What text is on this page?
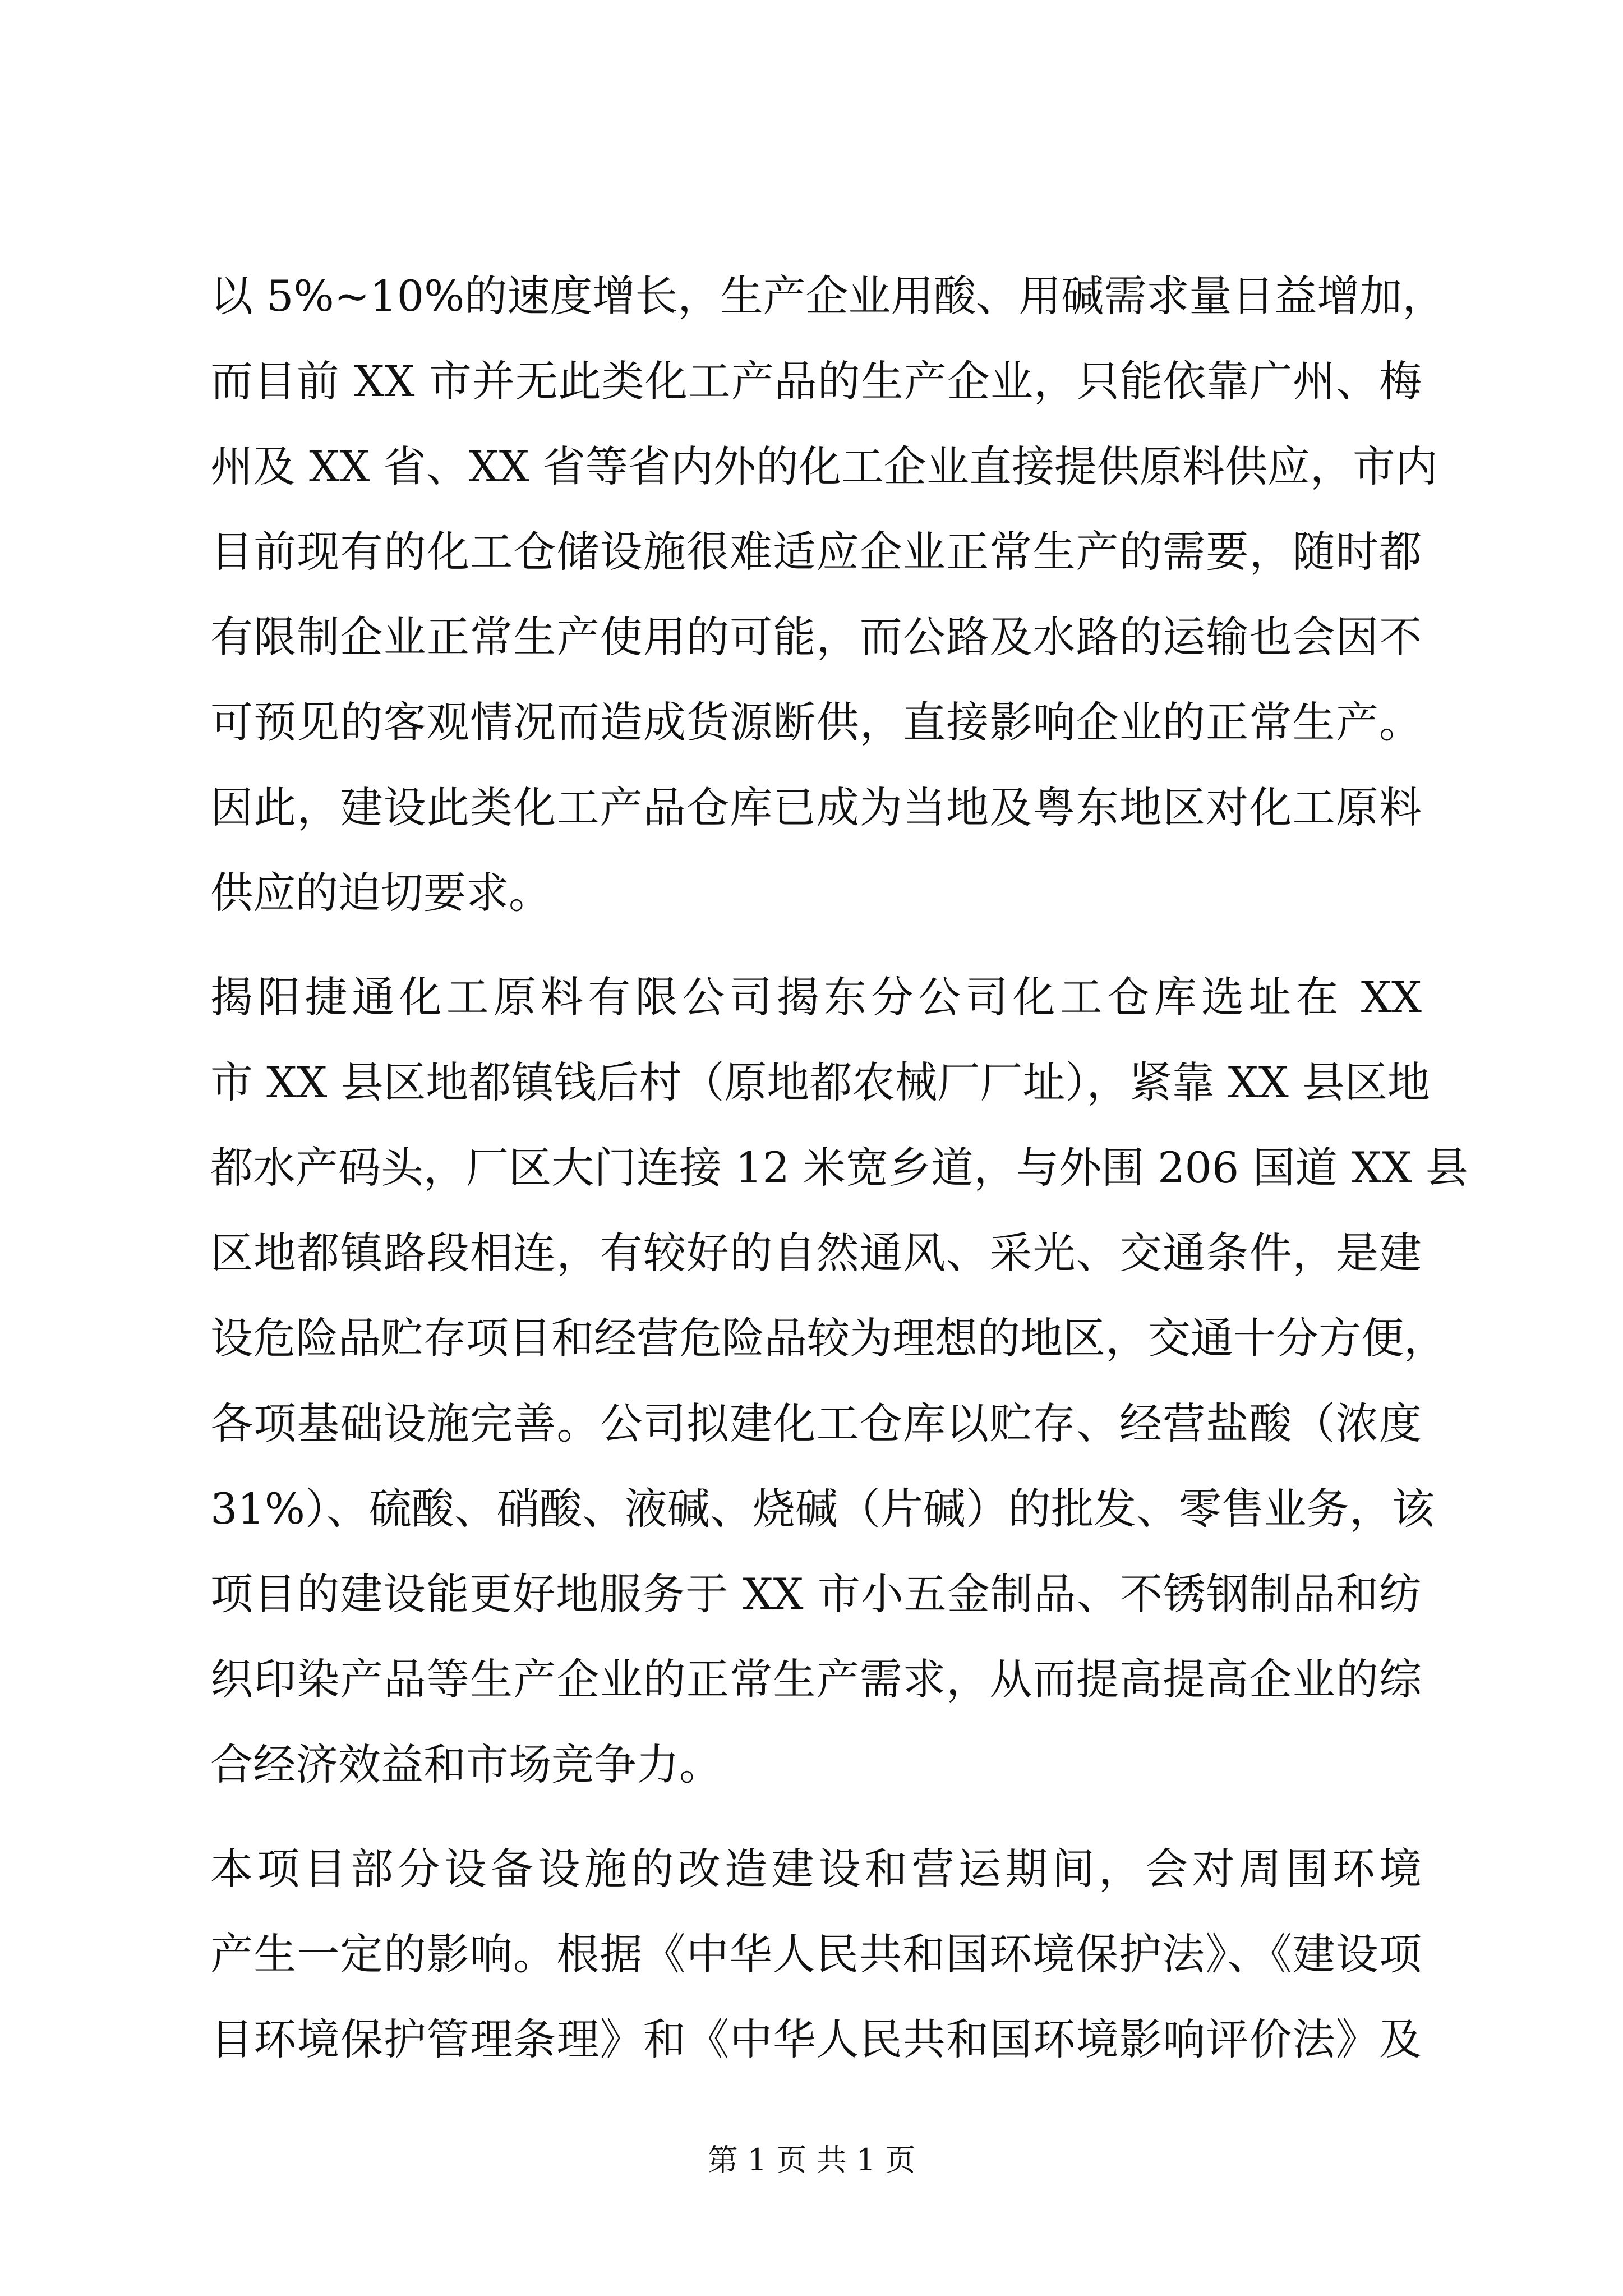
以 5%~10%的速度增长，生产企业用酸、用碱需求量日益增加，
而目前 XX 市并无此类化工产品的生产企业，只能依靠广州、梅
州及 XX 省、XX 省等省内外的化工企业直接提供原料供应，市内
目前现有的化工仓储设施很难适应企业正常生产的需要，随时都
有限制企业正常生产使用的可能，而公路及水路的运输也会因不
可预见的客观情况而造成货源断供，直接影响企业的正常生产。
因此，建设此类化工产品仓库已成为当地及粤东地区对化工原料
供应的迫切要求。
揭阳捷通化工原料有限公司揭东分公司化工仓库选址在 XX
市 XX 县区地都镇钱后村（原地都农械厂厂址），紧靠 XX 县区地
都水产码头，厂区大门连接 12 米宽乡道，与外围 206 国道 XX 县
区地都镇路段相连，有较好的自然通风、采光、交通条件，是建
设危险品贮存项目和经营危险品较为理想的地区，交通十分方便，
各项基础设施完善。公司拟建化工仓库以贮存、经营盐酸（浓度
31%）、硫酸、硝酸、液碱、烧碱（片碱）的批发、零售业务，该
项目的建设能更好地服务于 XX 市小五金制品、不锈钢制品和纺
织印染产品等生产企业的正常生产需求，从而提高提高企业的综
合经济效益和市场竞争力。
本项目部分设备设施的改造建设和营运期间，会对周围环境
产生一定的影响。根据《中华人民共和国环境保护法》、《建设项
目环境保护管理条理》和《中华人民共和国环境影响评价法》及
第 1 页 共 1 页
